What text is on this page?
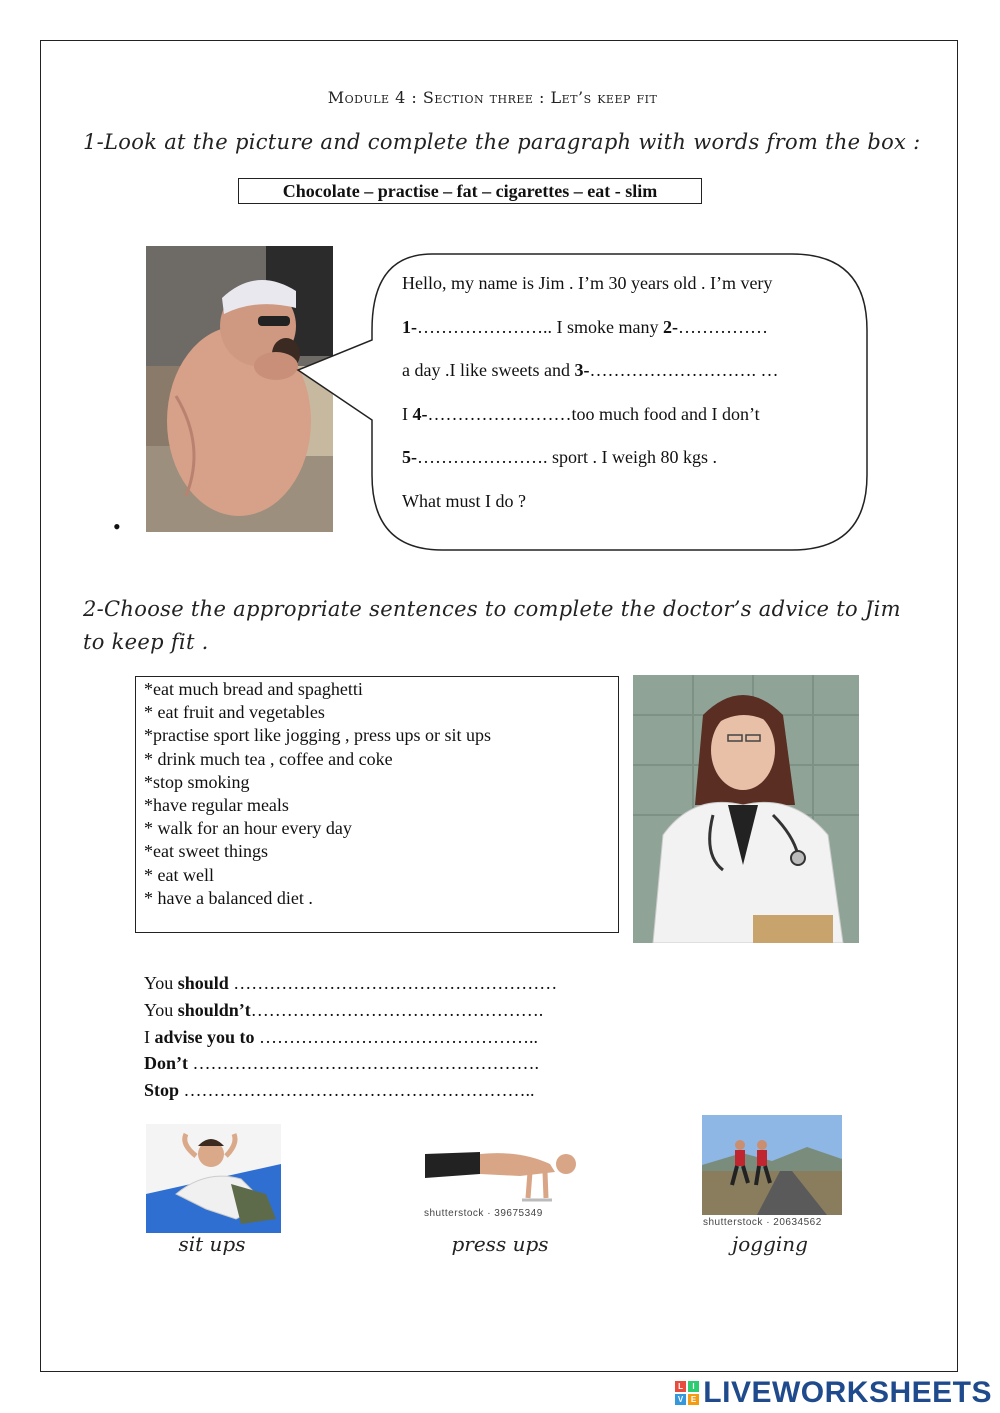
Module 4 : Section three : Let’s keep fit
1-Look at the picture and complete the paragraph with words from the box :
Chocolate – practise – fat – cigarettes – eat - slim
•
Hello, my name is Jim . I’m 30 years old . I’m very
1-………………….. I smoke many 2-……………
a day .I like sweets and 3-………………………. …
I 4-……………………too much food and I don’t
5-…………………. sport . I weigh 80 kgs .
What must I do ?
2-Choose the appropriate sentences to complete the doctor’s advice to Jim to keep fit .
*eat much bread and spaghetti
* eat fruit and vegetables
*practise sport like jogging , press ups or sit ups
* drink much tea , coffee and coke
*stop smoking
*have regular meals
* walk for an hour every day
*eat sweet things
* eat well
* have a balanced diet .
You should ………………………………………………
You shouldn’t………………………………………….
I advise you to ………………………………………..
Don’t ………………………………………………….
Stop …………………………………………………..
sit ups
shutterstock · 39675349
press ups
shutterstock · 20634562
jogging
L	I
V E LIVEWORKSHEETS
